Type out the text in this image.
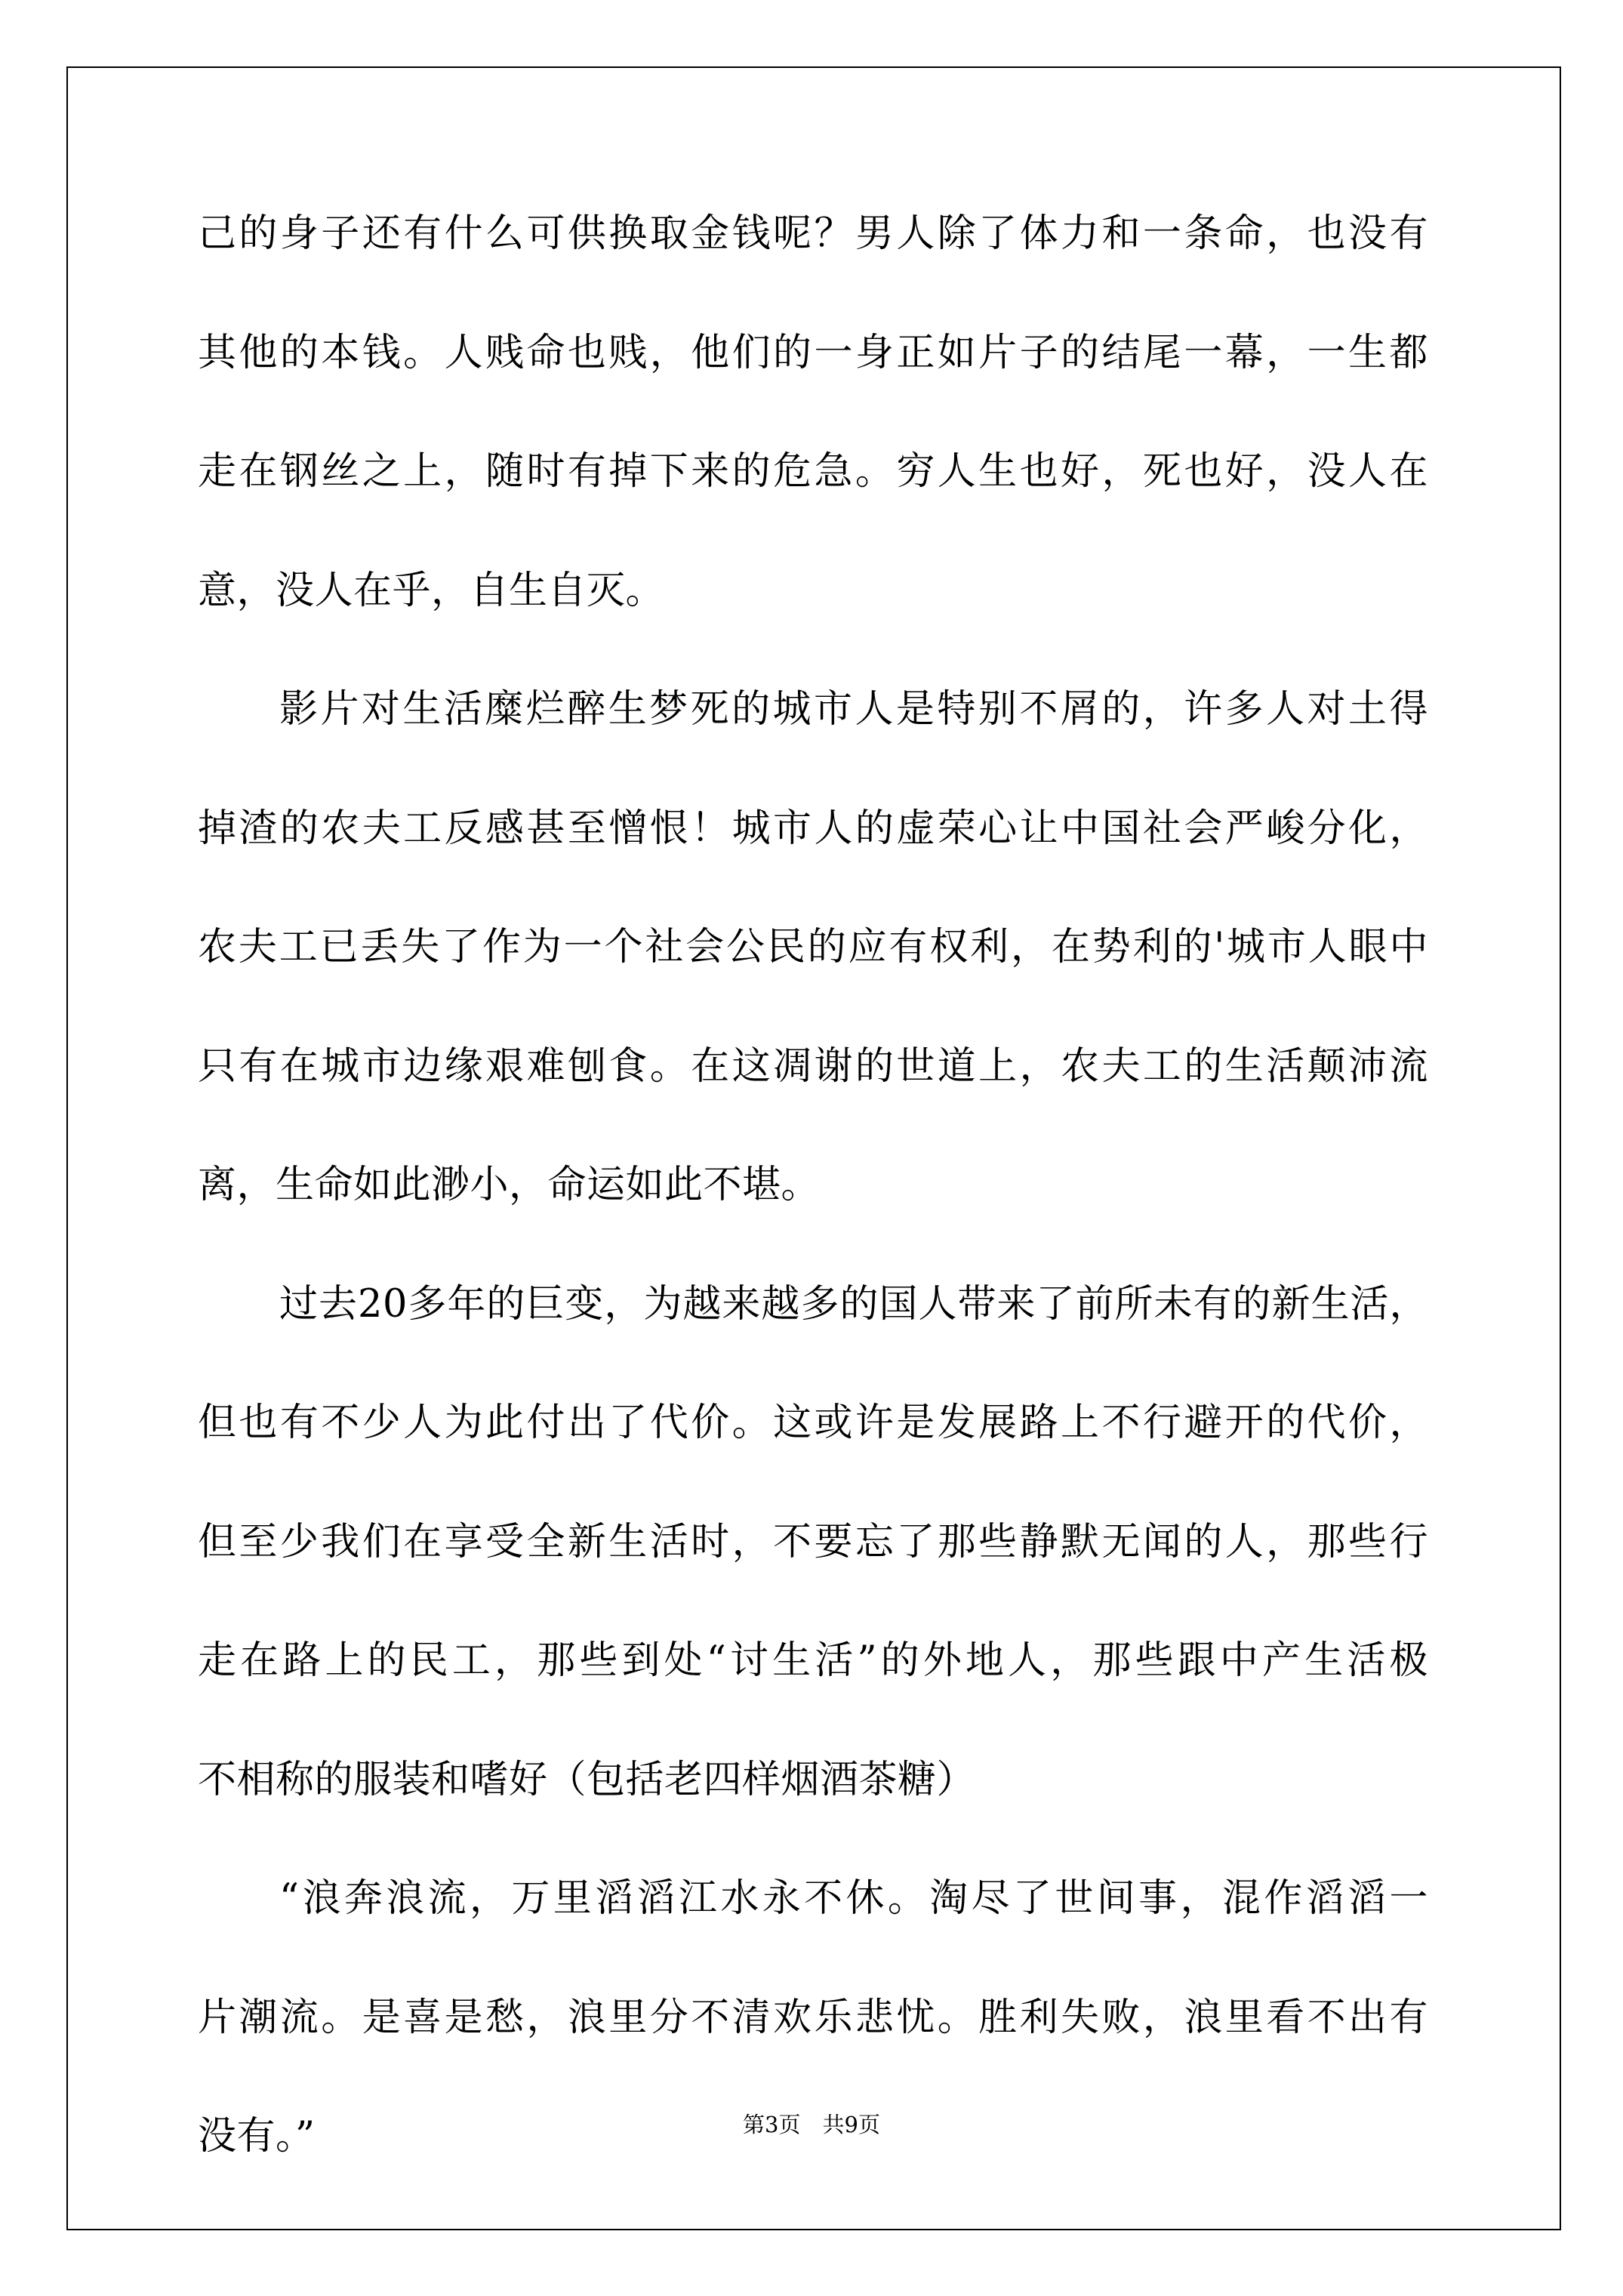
己的身子还有什么可供换取金钱呢？男人除了体力和一条命，也没有
其他的本钱。人贱命也贱，他们的一身正如片子的结尾一幕，一生都
走在钢丝之上，随时有掉下来的危急。穷人生也好，死也好，没人在
意，没人在乎，自生自灭。
影片对生活糜烂醉生梦死的城市人是特别不屑的，许多人对土得
掉渣的农夫工反感甚至憎恨！城市人的虚荣心让中国社会严峻分化，
农夫工已丢失了作为一个社会公民的应有权利，在势利的'城市人眼中
只有在城市边缘艰难刨食。在这凋谢的世道上，农夫工的生活颠沛流
离，生命如此渺小，命运如此不堪。
过去20多年的巨变，为越来越多的国人带来了前所未有的新生活，
但也有不少人为此付出了代价。这或许是发展路上不行避开的代价，
但至少我们在享受全新生活时，不要忘了那些静默无闻的人，那些行
走在路上的民工，那些到处“讨生活”的外地人，那些跟中产生活极
不相称的服装和嗜好（包括老四样烟酒茶糖）
“浪奔浪流，万里滔滔江水永不休。淘尽了世间事，混作滔滔一
片潮流。是喜是愁，浪里分不清欢乐悲忧。胜利失败，浪里看不出有
没有。”	第3页　共9页
